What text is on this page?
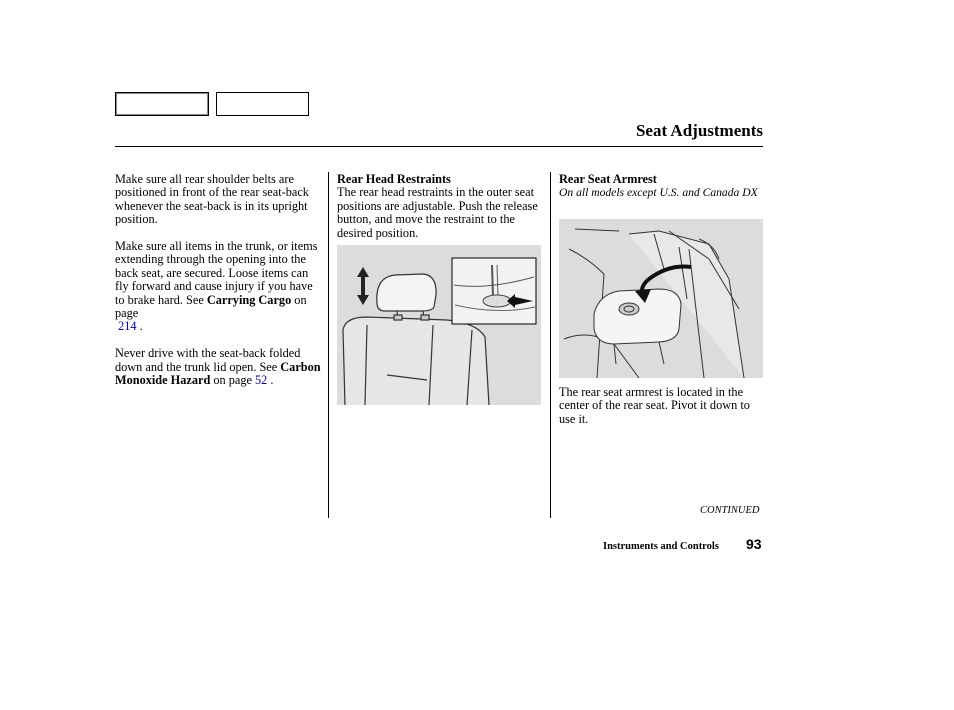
Seat Adjustments

Make sure all rear shoulder belts are positioned in front of the rear seat-back whenever the seat-back is in its upright position.

Make sure all items in the trunk, or items extending through the opening into the back seat, are secured. Loose items can fly forward and cause injury if you have to brake hard. See Carrying Cargo on page
214 .

Never drive with the seat-back folded down and the trunk lid open. See Carbon Monoxide Hazard on page 52 .

Rear Head Restraints
The rear head restraints in the outer seat positions are adjustable. Push the release button, and move the restraint to the desired position.
Rear Seat Armrest
On all models except U.S. and Canada DX
The rear seat armrest is located in the center of the rear seat. Pivot it down to use it.
CONTINUED
Instruments and Controls 93
